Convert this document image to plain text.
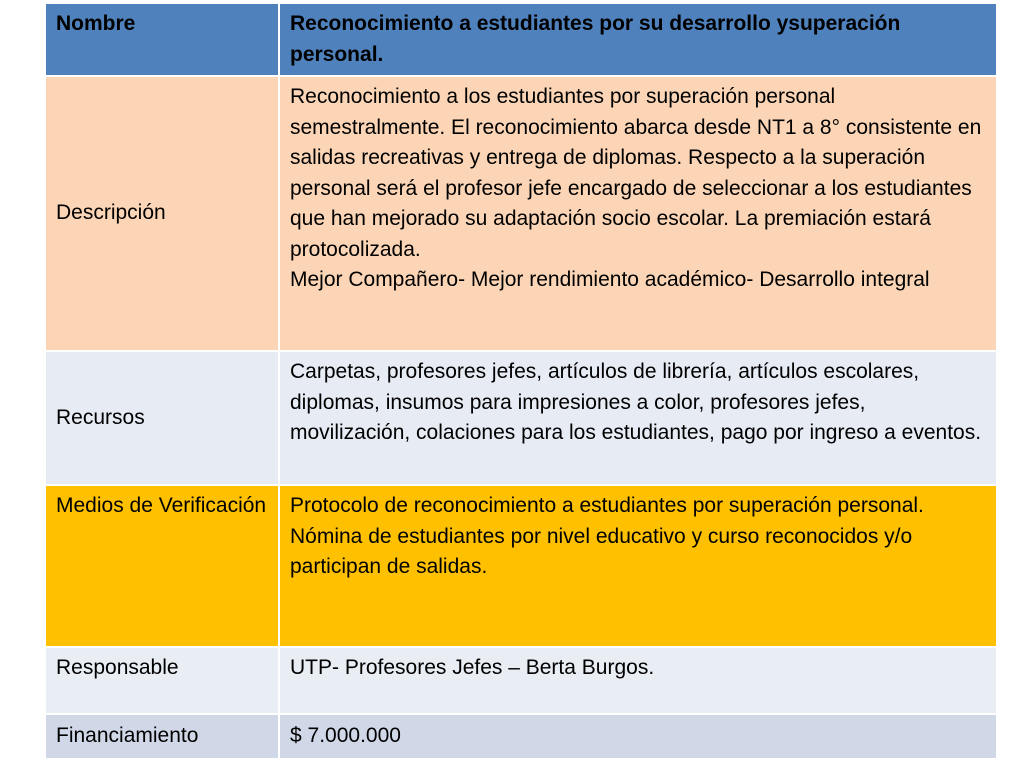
Nombre	Reconocimiento a estudiantes por su desarrollo ysuperación personal.
Descripción	Reconocimiento a los estudiantes por superación personal semestralmente. El reconocimiento abarca desde NT1 a 8° consistente en salidas recreativas y entrega de diplomas. Respecto a la superación personal será el profesor jefe encargado de seleccionar a los estudiantes que han mejorado su adaptación socio escolar. La premiación estará protocolizada.
Mejor Compañero- Mejor rendimiento académico- Desarrollo integral
Recursos	Carpetas, profesores jefes, artículos de librería, artículos escolares, diplomas, insumos para impresiones a color, profesores jefes, movilización, colaciones para los estudiantes, pago por ingreso a eventos.
Medios de Verificación	Protocolo de reconocimiento a estudiantes por superación personal.
Nómina de estudiantes por nivel educativo y curso reconocidos y/o participan de salidas.
Responsable	UTP- Profesores Jefes – Berta Burgos.
Financiamiento	$ 7.000.000
